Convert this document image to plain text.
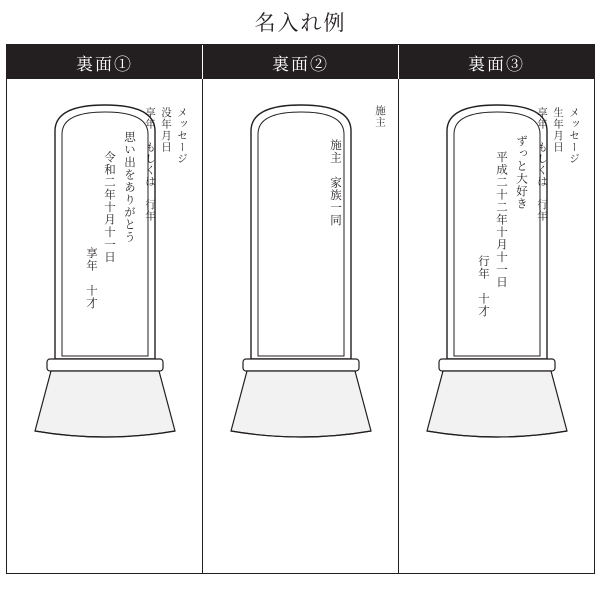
名入れ例
裏面①	裏面②	裏面③
メッセージ
没年月日
享年　もしくは　行年
思い出をありがとう
令和二年十月十一日
享年　十才
施主
施主　家族一同
メッセージ
生年月日
享年　もしくは　行年
ずっと大好き
平成二十二年十月十一日
行年　十才
